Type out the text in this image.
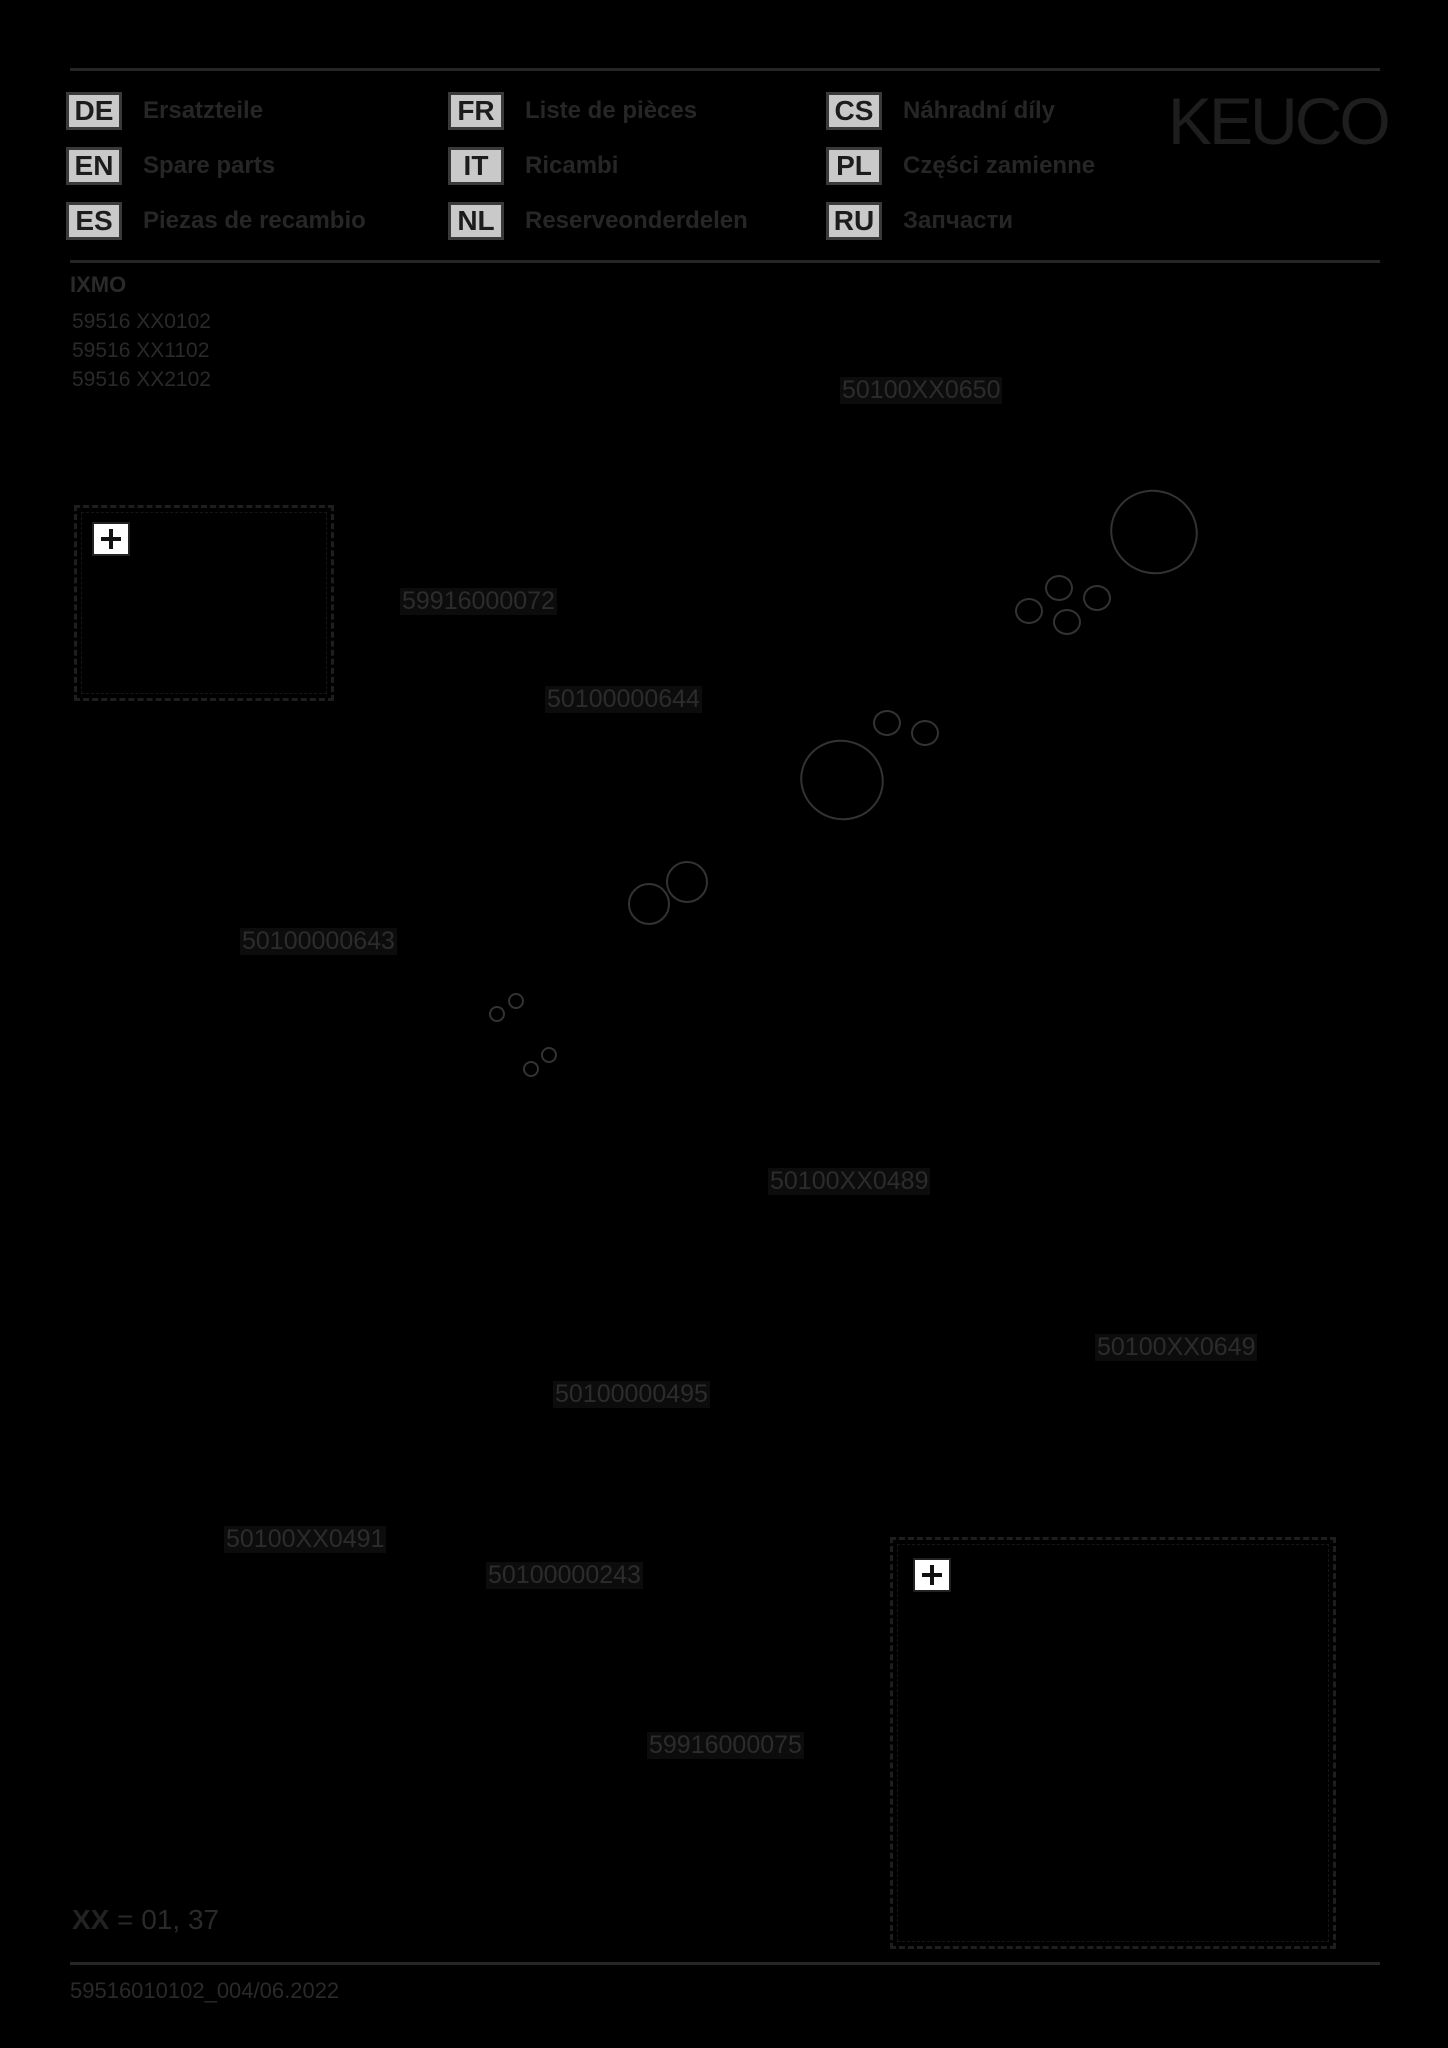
DE	Ersatzteile
EN	Spare parts
ES	Piezas de recambio
FR	Liste de pièces
IT	Ricambi
NL	Reserveonderdelen
CS	Náhradní díly
PL	Części zamienne
RU	Запчасти
KEUCO
IXMO
59516 XX0102
59516 XX1102
59516 XX2102	50100XX0650
59916000072
50100000644
50100000643
50100XX0489
50100XX0649
50100000495
50100XX0491
50100000243
59916000075
XX = 01, 37
59516010102_004/06.2022
